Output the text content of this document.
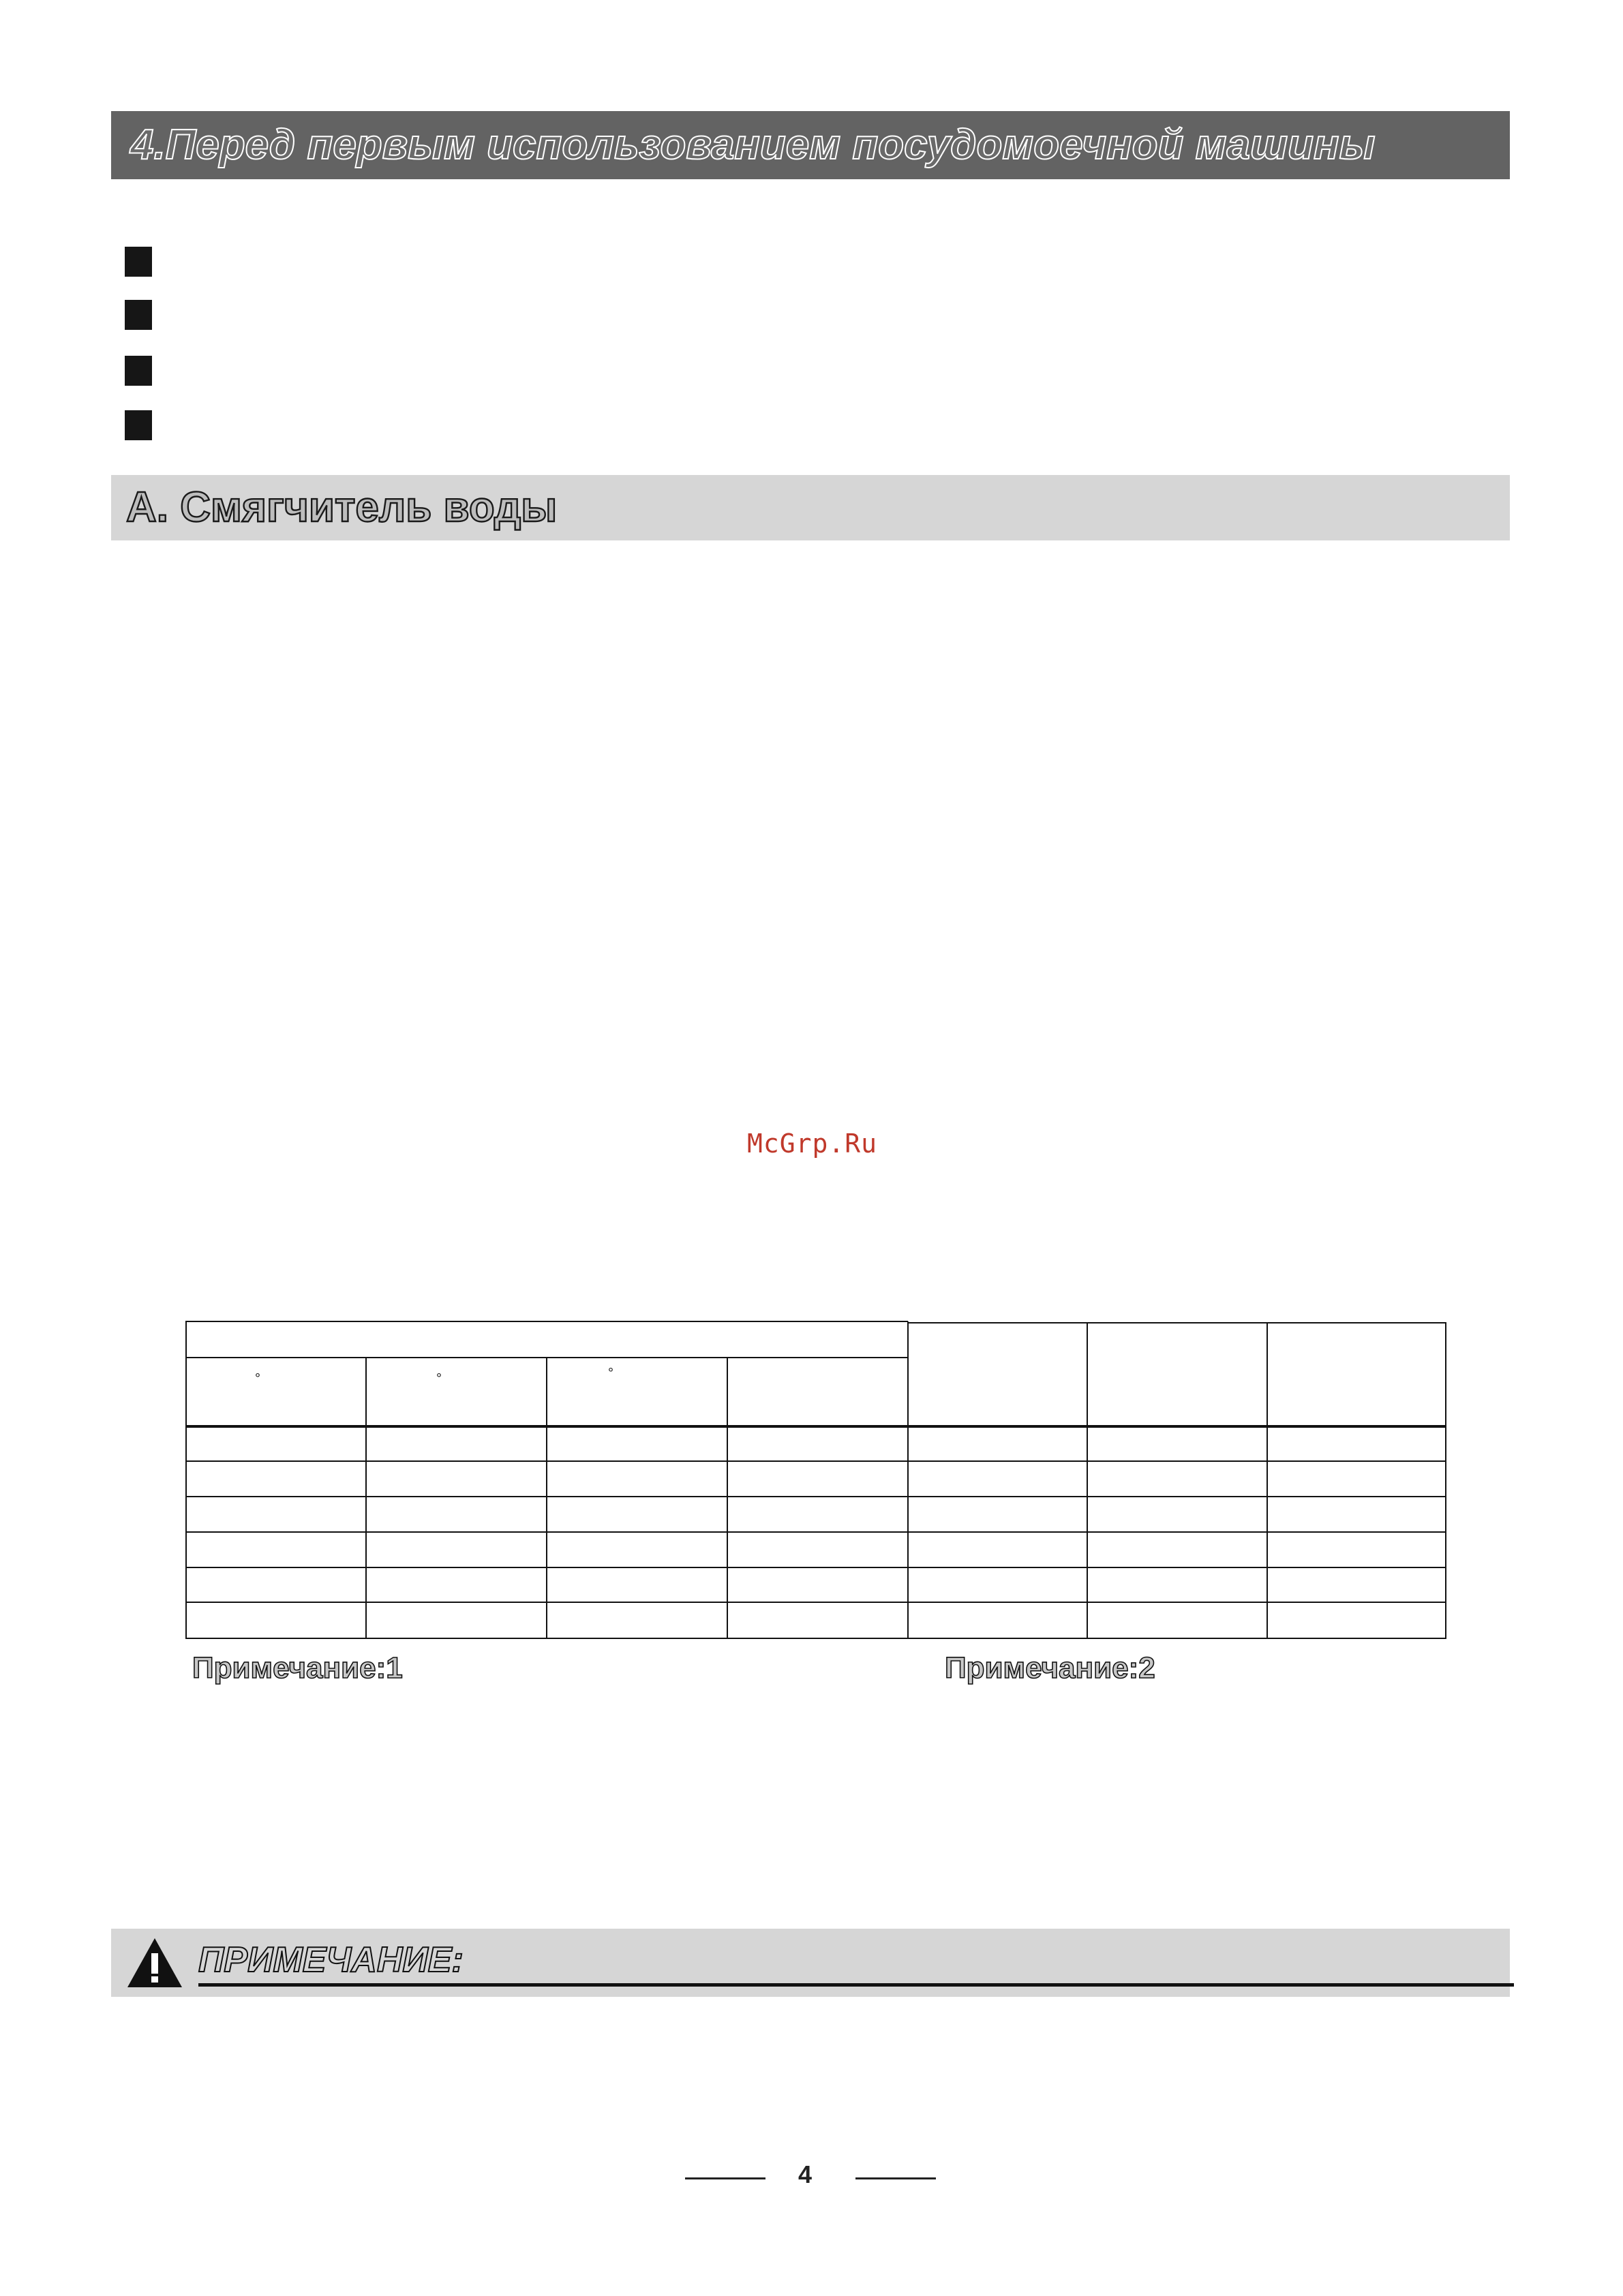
4.Перед первым использованием посудомоечной машины
А. Смягчитель воды
McGrp.Ru
°	°	°
Примечание:1	Примечание:2
ПРИМЕЧАНИЕ:
4
